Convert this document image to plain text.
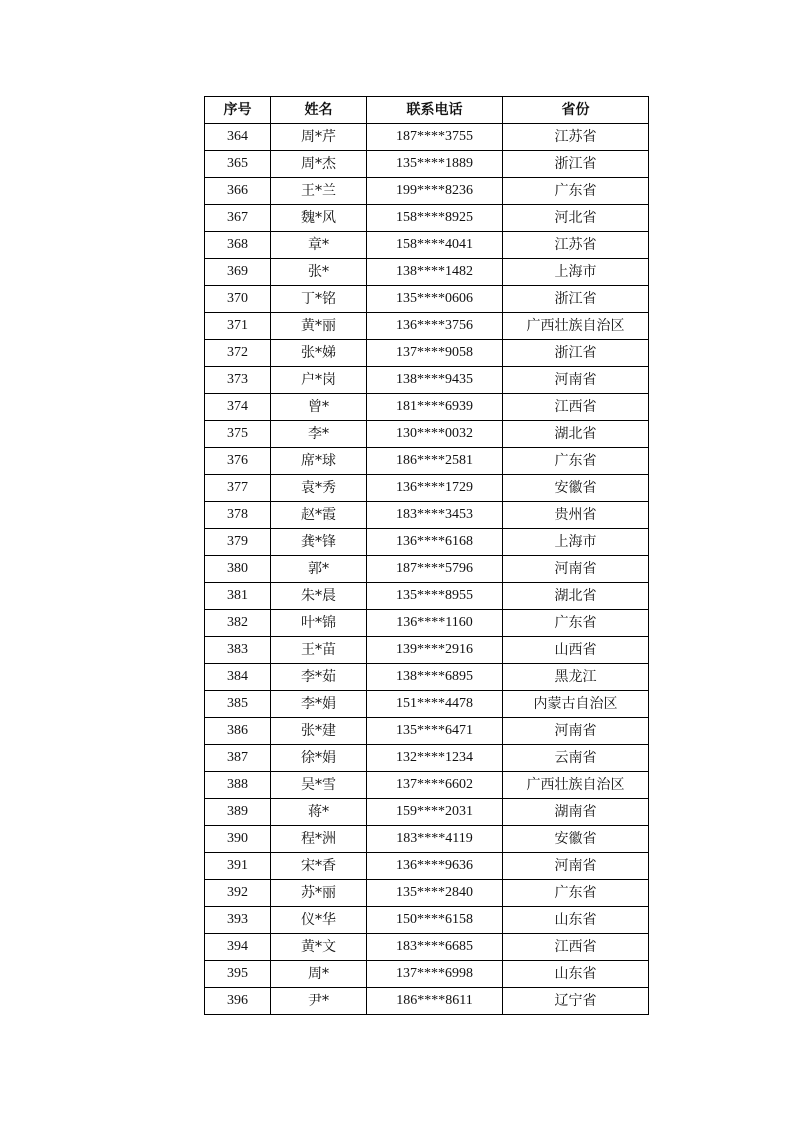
序号	姓名	联系电话	省份
364	周*芹	187****3755	江苏省
365	周*杰	135****1889	浙江省
366	王*兰	199****8236	广东省
367	魏*风	158****8925	河北省
368	章*	158****4041	江苏省
369	张*	138****1482	上海市
370	丁*铭	135****0606	浙江省
371	黄*丽	136****3756	广西壮族自治区
372	张*娣	137****9058	浙江省
373	户*岗	138****9435	河南省
374	曾*	181****6939	江西省
375	李*	130****0032	湖北省
376	席*球	186****2581	广东省
377	袁*秀	136****1729	安徽省
378	赵*霞	183****3453	贵州省
379	龚*锋	136****6168	上海市
380	郭*	187****5796	河南省
381	朱*晨	135****8955	湖北省
382	叶*锦	136****1160	广东省
383	王*苗	139****2916	山西省
384	李*茹	138****6895	黑龙江
385	李*娟	151****4478	内蒙古自治区
386	张*建	135****6471	河南省
387	徐*娟	132****1234	云南省
388	吴*雪	137****6602	广西壮族自治区
389	蒋*	159****2031	湖南省
390	程*洲	183****4119	安徽省
391	宋*香	136****9636	河南省
392	苏*丽	135****2840	广东省
393	仪*华	150****6158	山东省
394	黄*文	183****6685	江西省
395	周*	137****6998	山东省
396	尹*	186****8611	辽宁省
